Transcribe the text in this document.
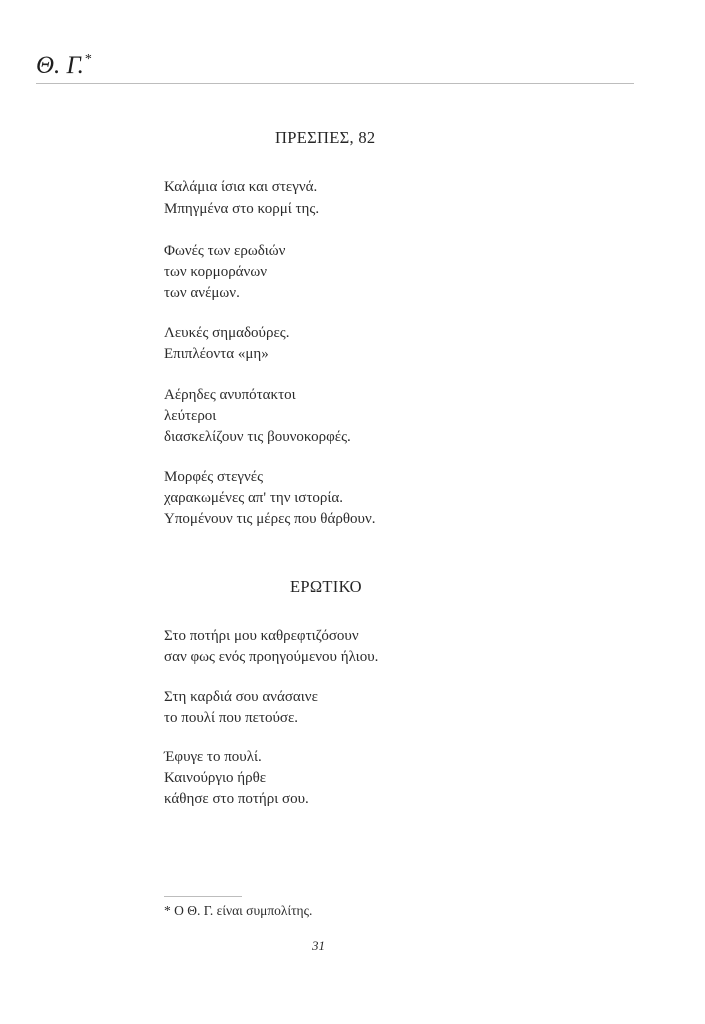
Θ. Γ.*
ΠΡΕΣΠΕΣ, 82
Καλάμια ίσια και στεγνά.
Μπηγμένα στο κορμί της.
Φωνές των ερωδιών
των κορμοράνων
των ανέμων.
Λευκές σημαδούρες.
Επιπλέοντα «μη»
Αέρηδες ανυπότακτοι
λεύτεροι
διασκελίζουν τις βουνοκορφές.
Μορφές στεγνές
χαρακωμένες απ' την ιστορία.
Υπομένουν τις μέρες που θάρθουν.
ΕΡΩΤΙΚΟ
Στο ποτήρι μου καθρεφτιζόσουν
σαν φως ενός προηγούμενου ήλιου.
Στη καρδιά σου ανάσαινε
το πουλί που πετούσε.
Έφυγε το πουλί.
Καινούργιο ήρθε
κάθησε στο ποτήρι σου.
* Ο Θ. Γ. είναι συμπολίτης.
31
